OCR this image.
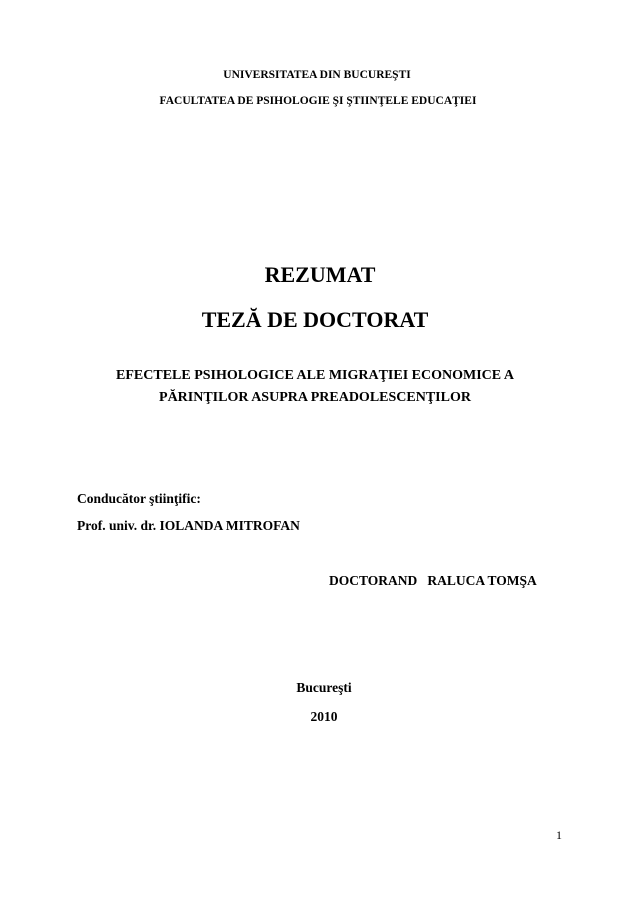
UNIVERSITATEA DIN BUCUREŞTI
FACULTATEA DE PSIHOLOGIE ŞI ŞTIINŢELE EDUCAŢIEI
REZUMAT
TEZĂ DE DOCTORAT
EFECTELE PSIHOLOGICE ALE MIGRAŢIEI ECONOMICE A
PĂRINŢILOR ASUPRA PREADOLESCENŢILOR
Conducător ştiinţific:
Prof. univ. dr. IOLANDA MITROFAN
DOCTORAND   RALUCA TOMŞA
Bucureşti
2010
1
